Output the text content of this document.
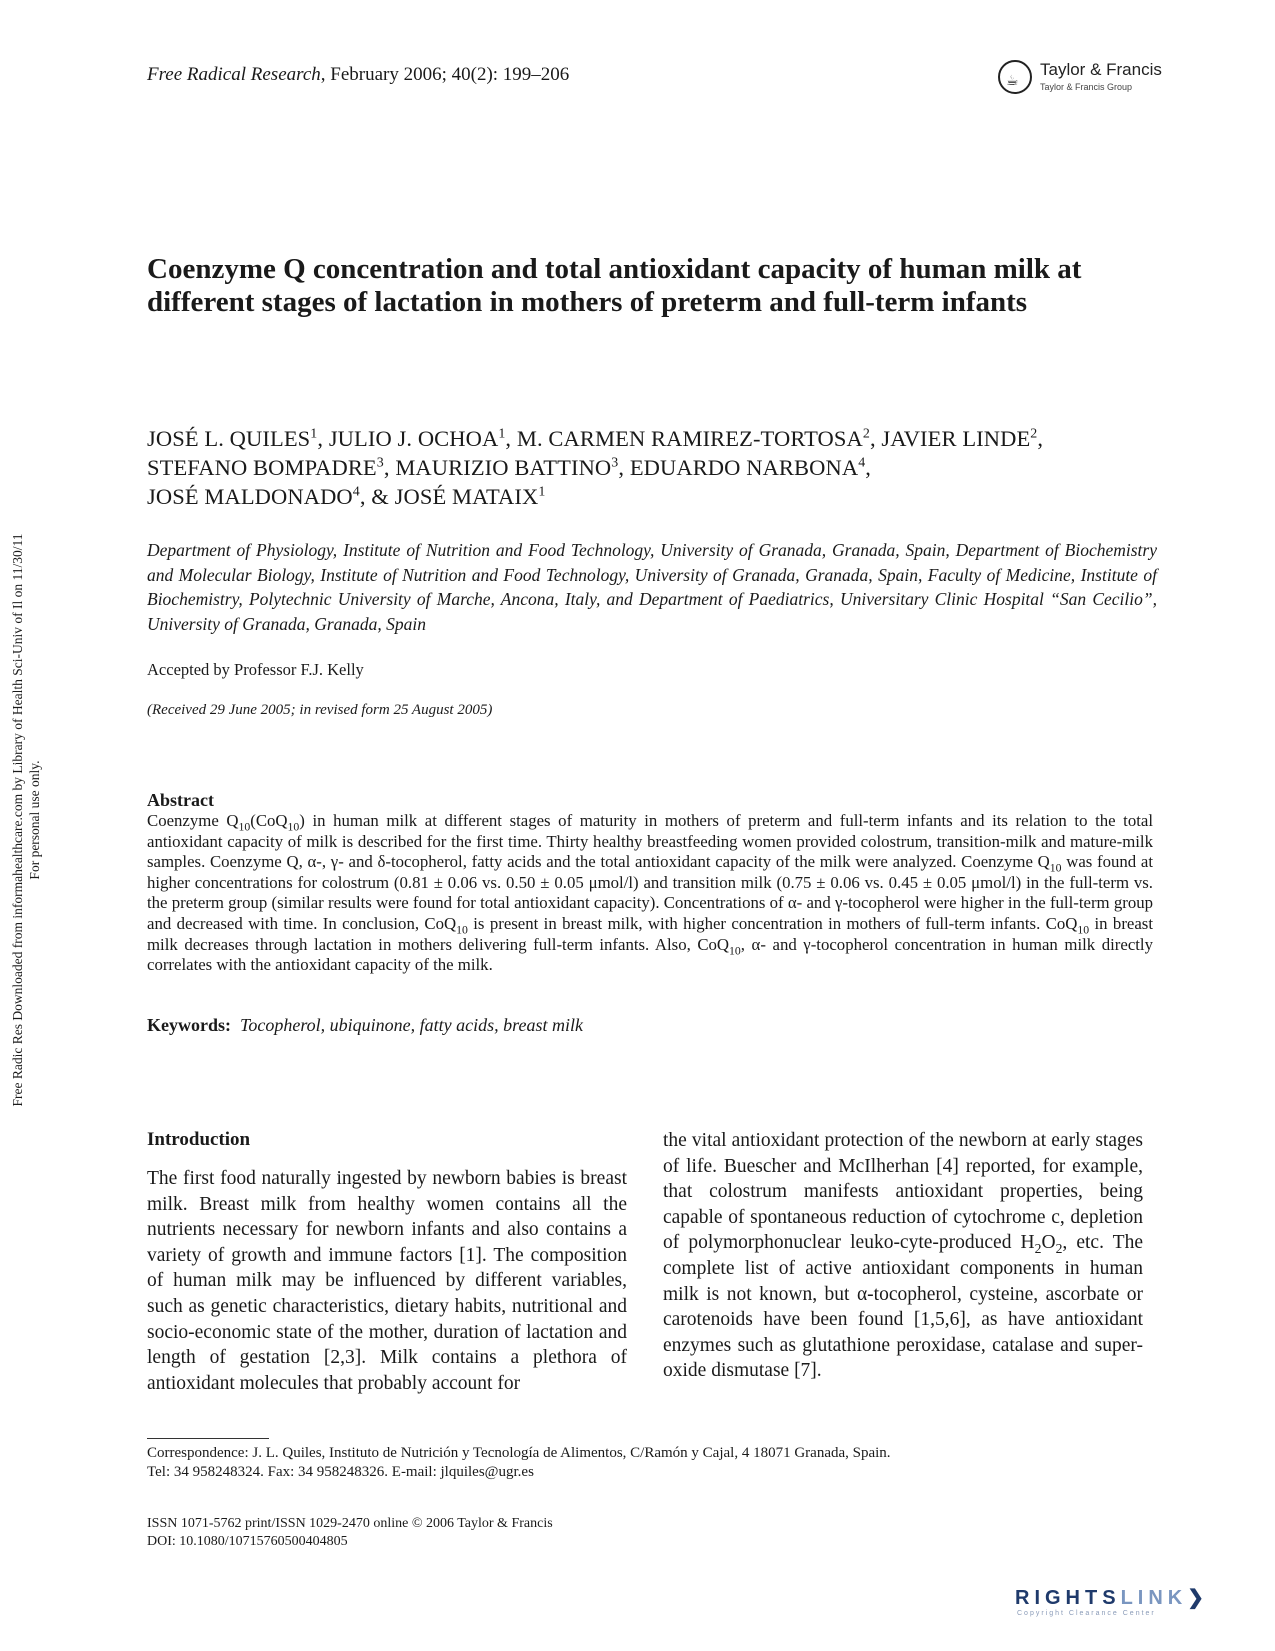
Free Radical Research, February 2006; 40(2): 199–206	☕
Taylor & Francis
Taylor & Francis Group
Coenzyme Q concentration and total antioxidant capacity of human milk at different stages of lactation in mothers of preterm and full-term infants
JOSÉ L. QUILES$^1$, JULIO J. OCHOA$^1$, M. CARMEN RAMIREZ-TORTOSA$^2$, JAVIER LINDE$^2$,
STEFANO BOMPADRE$^3$, MAURIZIO BATTINO$^3$, EDUARDO NARBONA$^4$,
JOSÉ MALDONADO$^4$, & JOSÉ MATAIX$^1$
Department of Physiology, Institute of Nutrition and Food Technology, University of Granada, Granada, Spain, Department of Biochemistry and Molecular Biology, Institute of Nutrition and Food Technology, University of Granada, Granada, Spain, Faculty of Medicine, Institute of Biochemistry, Polytechnic University of Marche, Ancona, Italy, and Department of Paediatrics, Universitary Clinic Hospital “San Cecilio”, University of Granada, Granada, Spain
Accepted by Professor F.J. Kelly
(Received 29 June 2005; in revised form 25 August 2005)
Abstract
Coenzyme $Q_{10}(CoQ_{10})$ in human milk at different stages of maturity in mothers of preterm and full-term infants and its relation to the total antioxidant capacity of milk is described for the first time. Thirty healthy breastfeeding women provided colostrum, transition-milk and mature-milk samples. Coenzyme Q, α-, γ- and δ-tocopherol, fatty acids and the total antioxidant capacity of the milk were analyzed. Coenzyme $Q_{10}$ was found at higher concentrations for colostrum (0.81 ± 0.06 vs. 0.50 ± 0.05 μmol/l) and transition milk (0.75 ± 0.06 vs. 0.45 ± 0.05 μmol/l) in the full-term vs. the preterm group (similar results were found for total antioxidant capacity). Concentrations of α- and γ-tocopherol were higher in the full-term group and decreased with time. In conclusion, CoQ$_{10}$ is present in breast milk, with higher concentration in mothers of full-term infants. CoQ$_{10}$ in breast milk decreases through lactation in mothers delivering full-term infants. Also, CoQ$_{10}$, α- and γ-tocopherol concentration in human milk directly correlates with the antioxidant capacity of the milk.
Keywords: Tocopherol, ubiquinone, fatty acids, breast milk
Introduction
The first food naturally ingested by newborn babies is breast milk. Breast milk from healthy women contains all the nutrients necessary for newborn infants and also contains a variety of growth and immune factors [1]. The composition of human milk may be influenced by different variables, such as genetic characteristics, dietary habits, nutritional and socio-economic state of the mother, duration of lactation and length of gestation [2,3]. Milk contains a plethora of antioxidant molecules that probably account for
the vital antioxidant protection of the newborn at early stages of life. Buescher and McIlherhan [4] reported, for example, that colostrum manifests antioxidant properties, being capable of spontaneous reduction of cytochrome c, depletion of polymorphonuclear leuko-cyte-produced $H_2O_2$, etc. The complete list of active antioxidant components in human milk is not known, but α-tocopherol, cysteine, ascorbate or carotenoids have been found [1,5,6], as have antioxidant enzymes such as glutathione peroxidase, catalase and super-oxide dismutase [7].
Correspondence: J. L. Quiles, Instituto de Nutrición y Tecnología de Alimentos, C/Ramón y Cajal, 4 18071 Granada, Spain.
Tel: 34 958248324. Fax: 34 958248326. E-mail: jlquiles@ugr.es
ISSN 1071-5762 print/ISSN 1029-2470 online © 2006 Taylor & Francis
DOI: 10.1080/10715760500404805
Free Radic Res Downloaded from informahealthcare.com by Library of Health Sci-Univ of Il on 11/30/11 For personal use only.
RIGHTSLINK❯
Copyright Clearance Center
